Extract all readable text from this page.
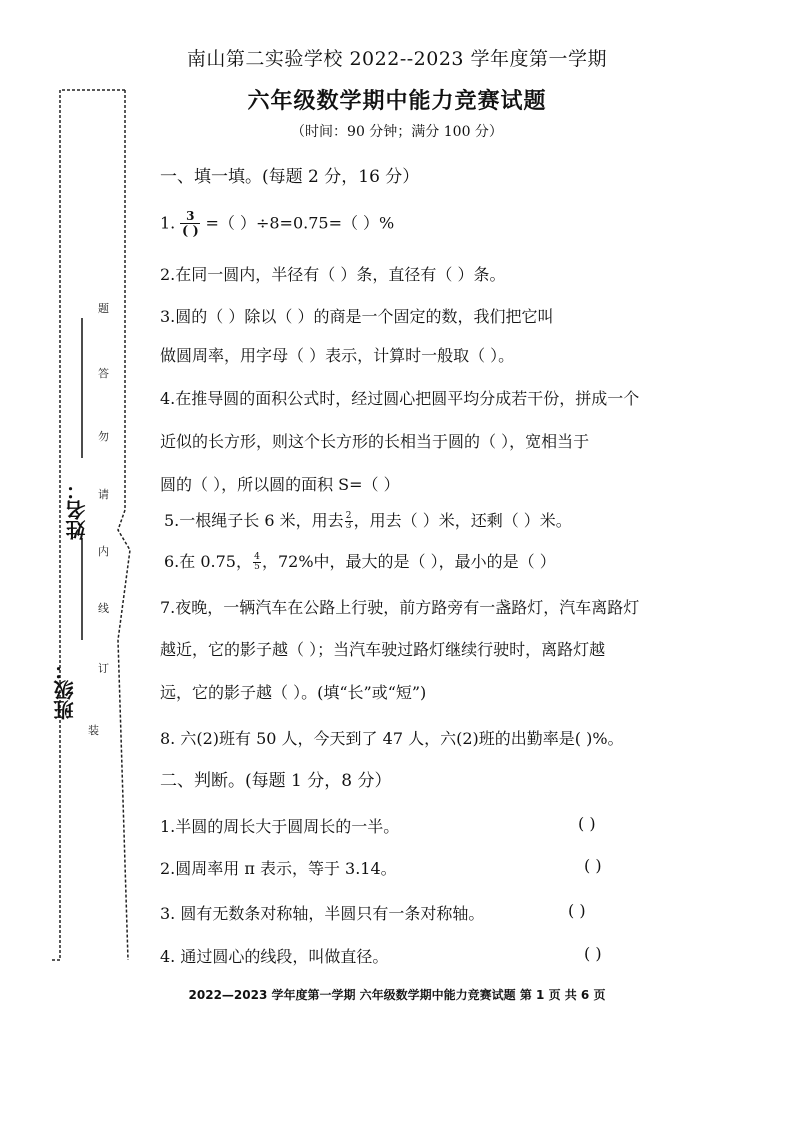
姓名：
班级：
题
答
勿
请
内
线
订
装
南山第二实验学校 2022--2023 学年度第一学期
六年级数学期中能力竞赛试题
（时间：90 分钟；满分 100 分）
一、填一填。(每题 2 分，16 分）
1. $\frac{3}{( )}$ =（ ）÷8=0.75=（ ）%
2.在同一圆内，半径有（ ）条，直径有（ ）条。
3.圆的（ ）除以（ ）的商是一个固定的数，我们把它叫
做圆周率，用字母（ ）表示，计算时一般取（ ）。
4.在推导圆的面积公式时，经过圆心把圆平均分成若干份，拼成一个
近似的长方形，则这个长方形的长相当于圆的（ ），宽相当于
圆的（ ），所以圆的面积 S=（ ）
5.一根绳子长 6 米，用去 $\frac{2}{3}$ ，用去（ ）米，还剩（ ）米。
6.在 0.75， $\frac{4}{5}$ ，72%中，最大的是（ ），最小的是（ ）
7.夜晚，一辆汽车在公路上行驶，前方路旁有一盏路灯，汽车离路灯
越近，它的影子越（ ）；当汽车驶过路灯继续行驶时，离路灯越
远，它的影子越（ ）。(填“长”或“短”)
8. 六(2)班有 50 人，今天到了 47 人，六(2)班的出勤率是( )%。
二、判断。(每题 1 分，8 分）
1.半圆的周长大于圆周长的一半。	( )
2.圆周率用 π 表示，等于 3.14。	( )
3. 圆有无数条对称轴，半圆只有一条对称轴。	( )
4. 通过圆心的线段，叫做直径。	( )
2022—2023 学年度第一学期 六年级数学期中能力竞赛试题 第 1 页 共 6 页
